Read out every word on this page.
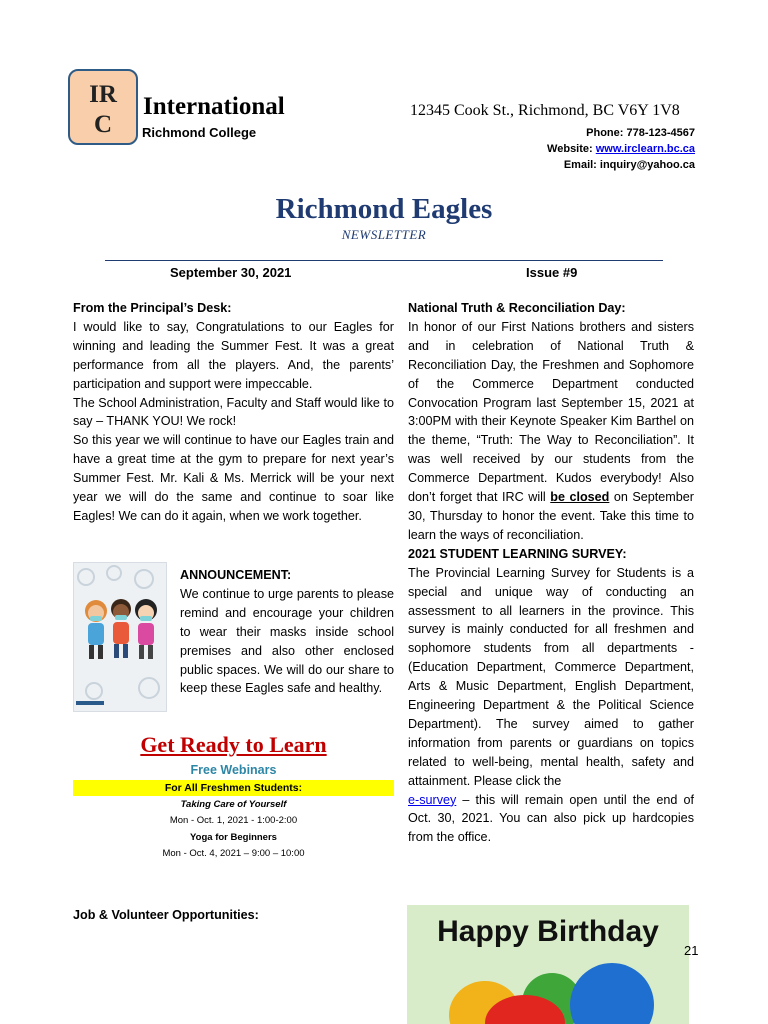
IR
C
International
Richmond College
12345 Cook St., Richmond, BC V6Y 1V8
Phone: 778-123-4567
Website: www.irclearn.bc.ca
Email: inquiry@yahoo.ca
Richmond Eagles
NEWSLETTER
September 30, 2021	Issue #9

From the Principal’s Desk:

I would like to say, Congratulations to our Eagles for winning and leading the Summer Fest. It was a great performance from all the players. And, the parents’ participation and support were impeccable.

The School Administration, Faculty and Staff would like to say – THANK YOU! We rock!

So this year we will continue to have our Eagles train and have a great time at the gym to prepare for next year’s Summer Fest. Mr. Kali & Ms. Merrick will be your next year we will do the same and continue to soar like Eagles! We can do it again, when we work together.

ANNOUNCEMENT:
We continue to urge parents to please remind and encourage your children to wear their masks inside school premises and also other enclosed public spaces. We will do our share to keep these Eagles safe and healthy.
Get Ready to Learn
Free Webinars
For All Freshmen Students:
Taking Care of Yourself
Mon - Oct. 1, 2021 - 1:00-2:00
Yoga for Beginners
Mon - Oct. 4, 2021 – 9:00 – 10:00
Job & Volunteer Opportunities:

National Truth & Reconciliation Day:

In honor of our First Nations brothers and sisters and in celebration of National Truth & Reconciliation Day, the Freshmen and Sophomore of the Commerce Department conducted Convocation Program last September 15, 2021 at 3:00PM with their Keynote Speaker Kim Barthel on the theme, “Truth: The Way to Reconciliation”. It was well received by our students from the Commerce Department. Kudos everybody! Also don’t forget that IRC will be closed on September 30, Thursday to honor the event. Take this time to learn the ways of reconciliation.

2021 STUDENT LEARNING SURVEY:

The Provincial Learning Survey for Students is a special and unique way of conducting an assessment to all learners in the province. This survey is mainly conducted for all freshmen and sophomore students from all departments - (Education Department, Commerce Department, Arts & Music Department, English Department, Engineering Department & the Political Science Department). The survey aimed to gather information from parents or guardians on topics related to well-being, mental health, safety and attainment. Please click the
e-survey – this will remain open until the end of Oct. 30, 2021. You can also pick up hardcopies from the office.

Happy Birthday
21
